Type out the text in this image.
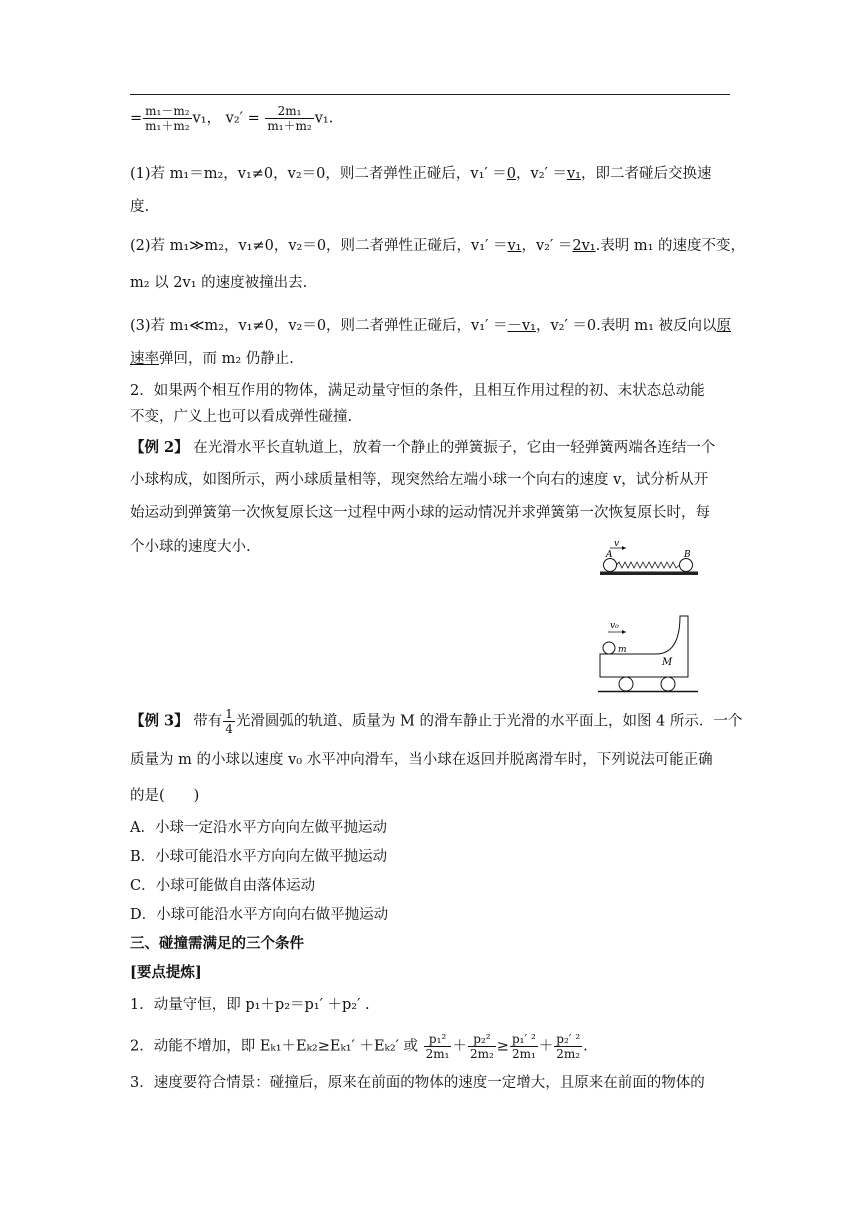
= $\frac{\text{m₁－m₂}}{\text{m₁＋m₂}} v_1$， $v_2' = \frac{\text{2m₁}}{\text{m₁＋m₂}} v_1$.
(1)若 m₁＝m₂，v₁≠0，v₂＝0，则二者弹性正碰后，v₁′ ＝0，v₂′ ＝v₁，即二者碰后交换速
度.
(2)若 m₁≫m₂，v₁≠0，v₂＝0，则二者弹性正碰后，v₁′ ＝v₁，v₂′ ＝2v₁.表明 m₁ 的速度不变，
m₂ 以 2v₁ 的速度被撞出去.
(3)若 m₁≪m₂，v₁≠0，v₂＝0，则二者弹性正碰后，v₁′ ＝－v₁，v₂′ ＝0.表明 m₁ 被反向以原
速率弹回，而 m₂ 仍静止.
2．如果两个相互作用的物体，满足动量守恒的条件，且相互作用过程的初、末状态总动能
不变，广义上也可以看成弹性碰撞.
【例 2】 在光滑水平长直轨道上，放着一个静止的弹簧振子，它由一轻弹簧两端各连结一个
小球构成，如图所示，两小球质量相等，现突然给左端小球一个向右的速度 v，试分析从开
始运动到弹簧第一次恢复原长这一过程中两小球的运动情况并求弹簧第一次恢复原长时，每
个小球的速度大小.	v
A	B
v₀
m
M
【例 3】 带有 $\frac{1}{4}$ 光滑圆弧的轨道、质量为 M 的滑车静止于光滑的水平面上，如图 4 所示．一个
质量为 m 的小球以速度 v₀ 水平冲向滑车，当小球在返回并脱离滑车时，下列说法可能正确
的是(　　)
A．小球一定沿水平方向向左做平抛运动
B．小球可能沿水平方向向左做平抛运动
C．小球可能做自由落体运动
D．小球可能沿水平方向向右做平抛运动
三、碰撞需满足的三个条件
[要点提炼]
1．动量守恒，即 p₁＋p₂＝p₁′ ＋p₂′ .
2．动能不增加，即 Eₖ₁＋Eₖ₂≥Eₖ₁′ ＋Eₖ₂′ 或 $\frac{\text{p₁²}}{\text{2m₁}} + \frac{\text{p₂²}}{\text{2m₂}} \ge \frac{\text{p₁′ ²}}{\text{2m₁}} + \frac{\text{p₂′ ²}}{\text{2m₂}}$ .
3．速度要符合情景：碰撞后，原来在前面的物体的速度一定增大，且原来在前面的物体的
